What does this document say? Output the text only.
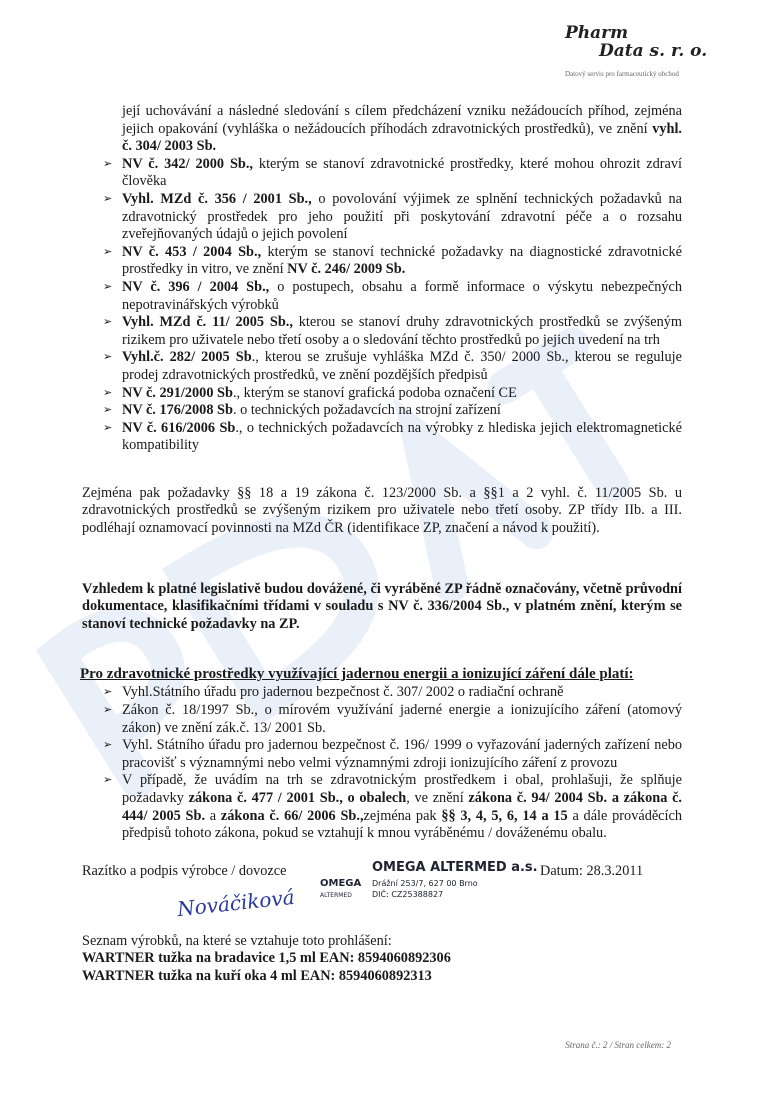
Pharm
Data s. r. o.
Datový servis pro farmaceutický obchod
její uchovávání a následné sledování s cílem předcházení vzniku nežádoucích příhod, zejména jejich opakování (vyhláška o nežádoucích příhodách zdravotnických prostředků), ve znění vyhl. č. 304/ 2003 Sb.
➢ NV č. 342/ 2000 Sb., kterým se stanoví zdravotnické prostředky, které mohou ohrozit zdraví člověka
➢ Vyhl. MZd č. 356 / 2001 Sb., o povolování výjimek ze splnění technických požadavků na zdravotnický prostředek pro jeho použití při poskytování zdravotní péče a o rozsahu zveřejňovaných údajů o jejich povolení
➢ NV č. 453 / 2004 Sb., kterým se stanoví technické požadavky na diagnostické zdravotnické prostředky in vitro, ve znění NV č. 246/ 2009 Sb.
➢ NV č. 396 / 2004 Sb., o postupech, obsahu a formě informace o výskytu nebezpečných nepotravinářských výrobků
➢ Vyhl. MZd č. 11/ 2005 Sb., kterou se stanoví druhy zdravotnických prostředků se zvýšeným rizikem pro uživatele nebo třetí osoby a o sledování těchto prostředků po jejich uvedení na trh
➢ Vyhl.č. 282/ 2005 Sb., kterou se zrušuje vyhláška MZd č. 350/ 2000 Sb., kterou se reguluje prodej zdravotnických prostředků, ve znění pozdějších předpisů
➢ NV č. 291/2000 Sb., kterým se stanoví grafická podoba označení CE
➢ NV č. 176/2008 Sb. o technických požadavcích na strojní zařízení
➢ NV č. 616/2006 Sb., o technických požadavcích na výrobky z hlediska jejich elektromagnetické kompatibility
Zejména pak požadavky §§ 18 a 19 zákona č. 123/2000 Sb. a §§1 a 2 vyhl. č. 11/2005 Sb. u zdravotnických prostředků se zvýšeným rizikem pro uživatele nebo třetí osoby. ZP třídy IIb. a III. podléhají oznamovací povinnosti na MZd ČR (identifikace ZP, značení a návod k použití).
Vzhledem k platné legislativě budou dovážené, či vyráběné ZP řádně označovány, včetně průvodní dokumentace, klasifikačními třídami v souladu s NV č. 336/2004 Sb., v platném znění, kterým se stanoví technické požadavky na ZP.
Pro zdravotnické prostředky využívající jadernou energii a ionizující záření dále platí:
➢ Vyhl.Státního úřadu pro jadernou bezpečnost č. 307/ 2002 o radiační ochraně
➢ Zákon č. 18/1997 Sb., o mírovém využívání jaderné energie a ionizujícího záření (atomový zákon) ve znění zák.č. 13/ 2001 Sb.
➢ Vyhl. Státního úřadu pro jadernou bezpečnost č. 196/ 1999 o vyřazování jaderných zařízení nebo pracovišť s významnými nebo velmi významnými zdroji ionizujícího záření z provozu
➢ V případě, že uvádím na trh se zdravotnickým prostředkem i obal, prohlašuji, že splňuje požadavky zákona č. 477 / 2001 Sb., o obalech, ve znění zákona č. 94/ 2004 Sb. a zákona č. 444/ 2005 Sb. a zákona č. 66/ 2006 Sb.,zejména pak §§ 3, 4, 5, 6, 14 a 15 a dále prováděcích předpisů tohoto zákona, pokud se vztahují k mnou vyráběnému / dováženému obalu.
Razítko a podpis výrobce / dovozce	OMEGA ALTERMED a.s.
OMEGA
ALTERMED
Drážní 253/7, 627 00 Brno
DIČ: CZ25388827
Datum: 28.3.2011
Nováčiková
Seznam výrobků, na které se vztahuje toto prohlášení:
WARTNER tužka na bradavice 1,5 ml EAN: 8594060892306
WARTNER tužka na kuří oka 4 ml EAN: 8594060892313
Strana č.: 2 / Stran celkem: 2
